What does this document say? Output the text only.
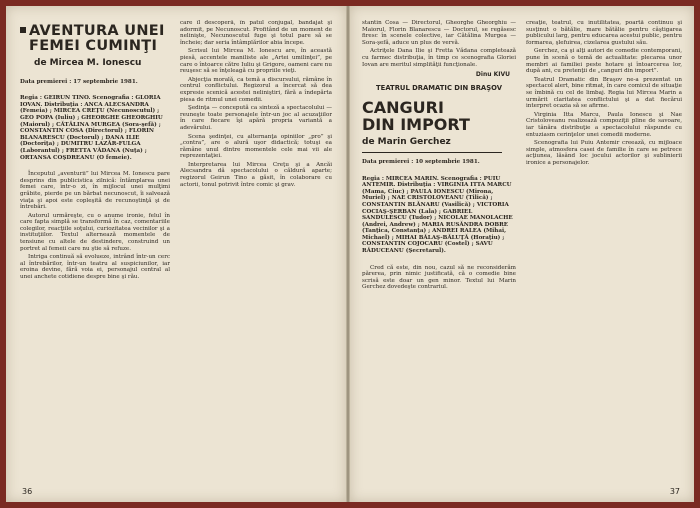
AVENTURA UNEI
FEMEI CUMINŢI
de Mircea M. Ionescu
Data premierei : 17 septembrie 1981.
Regia : GEIRUN TINO. Scenografia : GLORIA IOVAN. Distribuţia : ANCA ALECSANDRA (Femeia) ; MIRCEA CREŢU (Necunoscutul) ; GEO POPA (Iuliu) ; GHEORGHE GHEORGHIU (Maiorul) ; CĂTĂLINA MURGEA (Sora-şefă) ; CONSTANTIN COSA (Directorul) ; FLORIN BLANARESCU (Doctorul) ; DANA ILIE (Doctoriţa) ; DUMITRU LAZĂR-FULGA (Laborantul) ; FRETTA VĂDANA (Nuţa) ; ORTANSA COŞDREANU (O femeie).

Începutul „aventurii” lui Mircea M. Ionescu pare desprins din publicistica zilnică: întâmplarea unei femei care, într-o zi, în mijlocul unei mulţimi grăbite, pierde pe un bărbat necunoscut, îi salvează viaţa şi apoi este copleşită de recunoştinţă şi de întrebări.

Autorul urmăreşte, cu o anume ironie, felul în care fapta simplă se transformă în caz, comentariile colegilor, reacţiile soţului, curiozitatea vecinilor şi a instituţiilor. Textul alternează momentele de tensiune cu altele de destindere, construind un portret al femeii care nu ştie să refuze.

Intriga continuă să evolueze, intrând într-un cerc al întrebărilor, într-un teatru al suspiciunilor, iar eroina devine, fără voia ei, personajul central al unei anchete cotidiene despre bine şi rău.

care îl descoperă, în patul conjugal, bandajat şi adormit, pe Necunoscut. Profitând de un moment de nelinişte, Necunoscutul fuge şi totul pare să se încheie; dar seria întâmplărilor abia începe.

Scrisul lui Mircea M. Ionescu are, în această piesă, accentele maniliste ale „Artei umilinţei”, pe care o întoarce către Iuliu şi Grigore, oameni care nu reuşesc să se înţeleagă cu propriile vieţi.

Abjecţia morală, ca temă a discursului, rămâne în centrul conflictului. Regizorul a încercat să dea expresie scenică acestei neliniştiri, fără a îndepărta piesa de ritmul unei comedii.

Şedinţa — concepută ca sinteză a spectacolului — reuneşte toate personajele într-un joc al acuzaţiilor în care fiecare îşi apără propria variantă a adevărului.

Scena şedinţei, cu alternanţa opiniilor „pro” şi „contra”, are o alură uşor didactică; totuşi ea rămâne unul dintre momentele cele mai vii ale reprezentaţiei.

Interpretarea lui Mircea Creţu şi a Ancăi Alecsandra dă spectacolului o căldură aparte; regizorul Geirun Tino a găsit, în colaborare cu actorii, tonul potrivit între comic şi grav.

36

stantin Cosa — Directorul, Gheorghe Gheorghiu — Maiorul, Florin Blanarescu — Doctorul, se regăsesc firesc în scenele colective, iar Cătălina Murgea — Sora-şefă, aduce un plus de vervă.

Actriţele Dana Ilie şi Fretta Vădana completează cu farmec distribuţia, în timp ce scenografia Gloriei Iovan are meritul simplităţii funcţionale.

Dinu KIVU
TEATRUL DRAMATIC DIN BRAŞOV
CANGURI
DIN IMPORT
de Marin Gerchez
Data premierei : 10 septembrie 1981.
Regia : MIRCEA MARIN. Scenografia : PUIU ANTEMIR. Distribuţia : VIRGINIA ITTA MARCU (Mama, Ciuc) ; PAULA IONESCU (Mirona, Muriel) ; NAE CRISTOLOVEANU (Tilică) ; CONSTANTIN BLĂNARU (Vasilică) ; VICTORIA COCIAŞ-ŞERBAN (Lala) ; GABRIEL SANDULESCU (Tudor) ; NICOLAE MANOLACHE (Andrei, Andrew) ; MARIA RUSĂNDRA DOBRE (Tanţica, Constanţa) ; ANDREI RALEA (Mihai, Michael) ; MIHAI BĂLAŞ-BĂLUŢĂ (Horaţiu) ; CONSTANTIN COJOCARU (Costel) ; SAVU RĂDUCEANU (Şecretarul).

Cred că este, din nou, cazul să ne reconsiderăm părerea, prin nimic justificată, că o comedie bine scrisă este doar un gen minor. Textul lui Marin Gerchez dovedeşte contrariul.

creaţie, teatrul, cu inutilitatea, poartă continuu şi susţinut o bătălie, mare bătălie pentru câştigarea publicului larg, pentru educarea acestui public, pentru formarea, şlefuirea, cizelarea gustului său.

Gerchez, ca şi alţi autori de comedie contemporani, pune în scenă o temă de actualitate: plecarea unor membri ai familiei peste hotare şi întoarcerea lor, după ani, cu pretenţii de „canguri din import”.

Teatrul Dramatic din Braşov ne-a prezentat un spectacol alert, bine ritmat, în care comicul de situaţie se îmbină cu cel de limbaj. Regia lui Mircea Marin a urmărit claritatea conflictului şi a dat fiecărui interpret ocazia să se afirme.

Virginia Itta Marcu, Paula Ionescu şi Nae Cristoloveanu realizează compoziţii pline de savoare, iar tânăra distribuţie a spectacolului răspunde cu entuziasm cerinţelor unei comedii moderne.

Scenografia lui Puiu Antemir creează, cu mijloace simple, atmosfera casei de familie în care se petrece acţiunea, lăsând loc jocului actorilor şi sublinierii ironice a personajelor.

37
